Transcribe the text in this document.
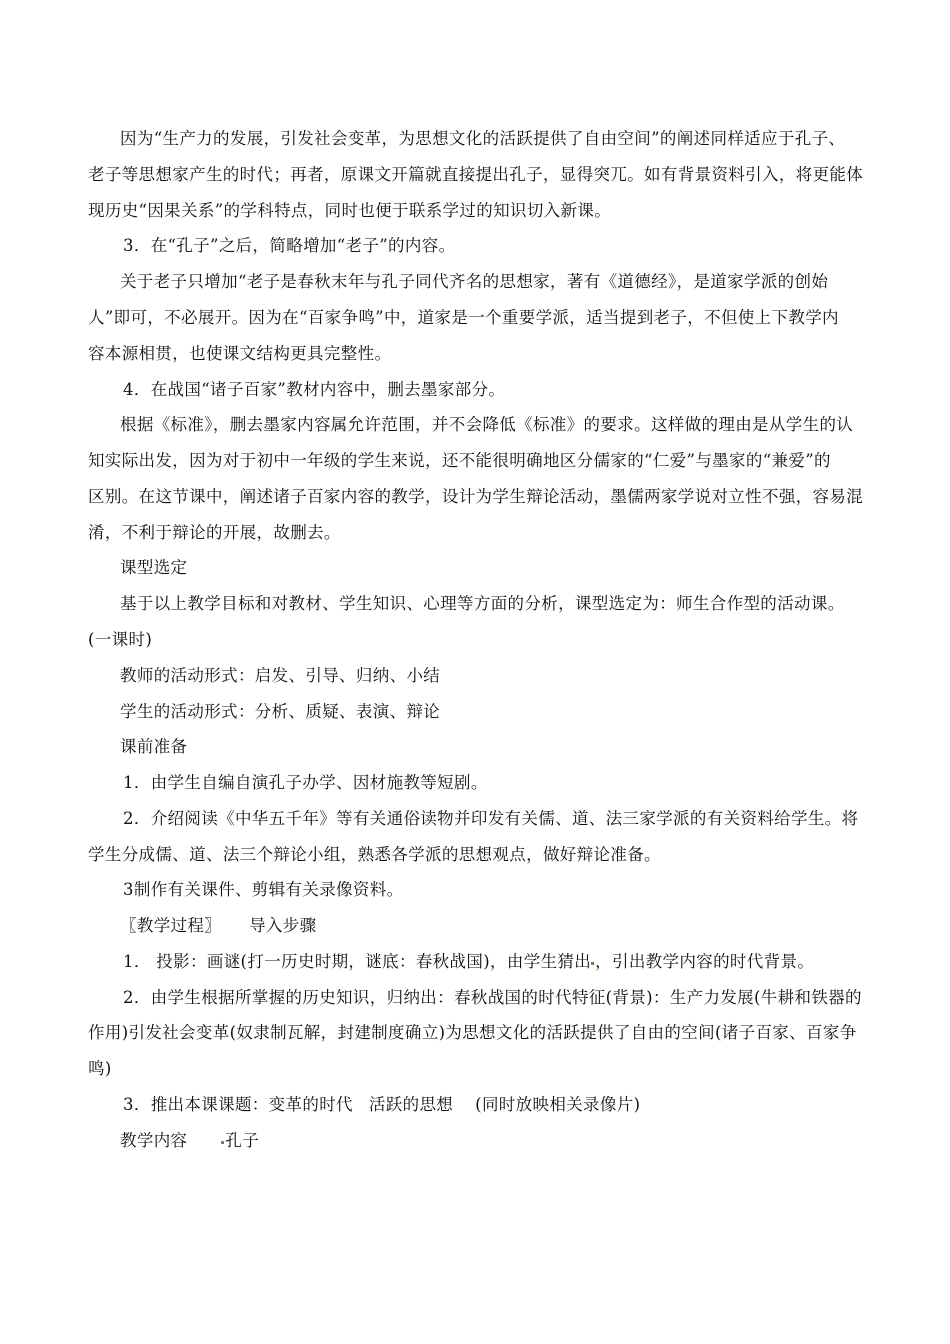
因为“生产力的发展，引发社会变革，为思想文化的活跃提供了自由空间”的阐述同样适应于孔子、
老子等思想家产生的时代；再者，原课文开篇就直接提出孔子，显得突兀。如有背景资料引入，将更能体
现历史“因果关系”的学科特点，同时也便于联系学过的知识切入新课。
3．在“孔子”之后，简略增加“老子”的内容。
关于老子只增加“老子是春秋末年与孔子同代齐名的思想家，著有《道德经》，是道家学派的创始
人”即可，不必展开。因为在“百家争鸣”中，道家是一个重要学派，适当提到老子，不但使上下教学内
容本源相贯，也使课文结构更具完整性。
4．在战国“诸子百家”教材内容中，删去墨家部分。
根据《标准》，删去墨家内容属允许范围，并不会降低《标准》的要求。这样做的理由是从学生的认
知实际出发，因为对于初中一年级的学生来说，还不能很明确地区分儒家的“仁爱”与墨家的“兼爱”的
区别。在这节课中，阐述诸子百家内容的教学，设计为学生辩论活动，墨儒两家学说对立性不强，容易混
淆，不利于辩论的开展，故删去。
课型选定
基于以上教学目标和对教材、学生知识、心理等方面的分析，课型选定为：师生合作型的活动课。
(一课时)
教师的活动形式：启发、引导、归纳、小结
学生的活动形式：分析、质疑、表演、辩论
课前准备
1．由学生自编自演孔子办学、因材施教等短剧。
2．介绍阅读《中华五千年》等有关通俗读物并印发有关儒、道、法三家学派的有关资料给学生。将
学生分成儒、道、法三个辩论小组，熟悉各学派的思想观点，做好辩论准备。
3制作有关课件、剪辑有关录像资料。
〖教学过程〗 导入步骤
1． 投影：画谜(打一历史时期，谜底：春秋战国)，由学生猜出 ，引出教学内容的时代背景。
2．由学生根据所掌握的历史知识，归纳出：春秋战国的时代特征(背景)：生产力发展(牛耕和铁器的
作用)引发社会变革(奴隶制瓦解，封建制度确立)为思想文化的活跃提供了自由的空间(诸子百家、百家争
鸣)
3．推出本课课题：变革的时代 活跃的思想 (同时放映相关录像片)
教学内容 孔子
